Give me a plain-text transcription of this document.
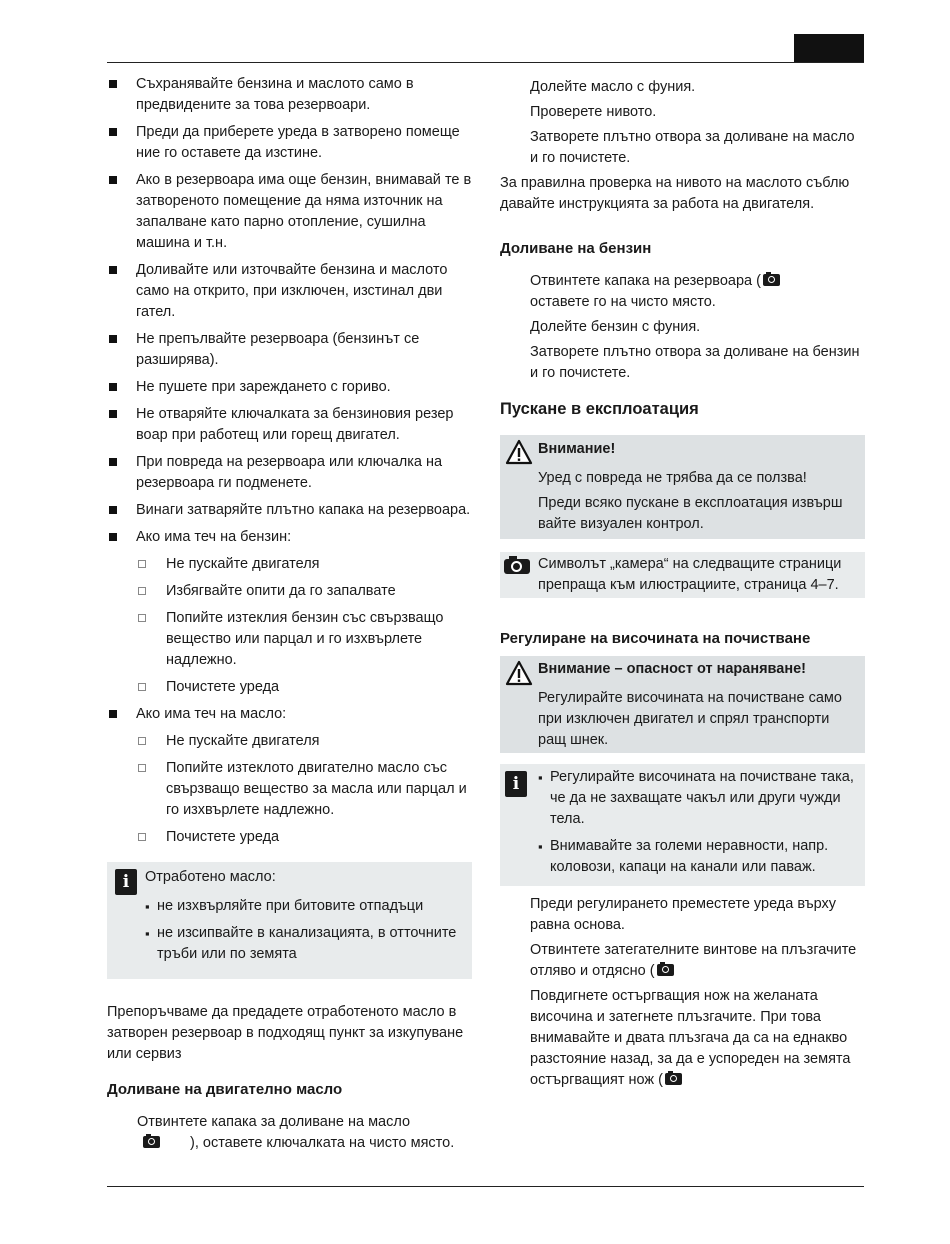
Съхранявайте бензина и маслото само в предвидените за това резервоари.
Преди да приберете уреда в затворено помеще ние го оставете да изстине.
Ако в резервоара има още бензин, внимавай те в затвореното помещение да няма източник на запалване като парно отопление, сушилна машина и т.н.
Доливайте или източвайте бензина и маслото само на открито, при изключен, изстинал дви гател.
Не препълвайте резервоара (бензинът се разширява).
Не пушете при зареждането с гориво.
Не отваряйте ключалката за бензиновия резер воар при работещ или горещ двигател.
При повреда на резервоара или ключалка на резервоара ги подменете.
Винаги затваряйте плътно капака на резервоара.
Ако има теч на бензин:
Не пускайте двигателя
Избягвайте опити да го запалвате
Попийте изтеклия бензин със свързващо вещество или парцал и го изхвърлете надлежно.
Почистете уреда
Ако има теч на масло:
Не пускайте двигателя
Попийте изтеклото двигателно масло със свързващо вещество за масла или парцал и го изхвърлете надлежно.
Почистете уреда
i	Отработено масло:
▪ не изхвърляйте при битовите отпадъци
▪ не изсипвайте в канализацията, в отточните тръби или по земята

Препоръчваме да предадете отработеното масло в затворен резервоар в подходящ пункт за изкупуване или сервиз

Доливане на двигателно масло
Отвинтете капака за доливане на масло
), оставете ключалката на чисто място.
Долейте масло с фуния.
Проверете нивото.
Затворете плътно отвора за доливане на масло и го почистете.

За правилна проверка на нивото на маслото съблю давайте инструкцията за работа на двигателя.

Доливане на бензин
Отвинтете капака на резервоара (
оставете го на чисто място.
Долейте бензин с фуния.
Затворете плътно отвора за доливане на бензин и го почистете.
Пускане в експлоатация
Внимание!
Уред с повреда не трябва да се ползва!
Преди всяко пускане в експлоатация извърш вайте визуален контрол.
Символът „камера“ на следващите страници препраща към илюстрациите, страница 4–7.
Регулиране на височината на почистване
Внимание – опасност от нараняване!
Регулирайте височината на почистване само при изключен двигател и спрял транспорти ращ шнек.
i
▪	Регулирайте височината на почистване така, че да не захващате чакъл или други чужди тела.
▪ Внимавайте за големи неравности, напр. коловози, капаци на канали или паваж.
Преди регулирането преместете уреда върху равна основа.
Отвинтете затегателните винтове на плъзгачите отляво и отдясно (
Повдигнете остъргващия нож на желаната височина и затегнете плъзгачите. При това внимавайте и двата плъзгача да са на еднакво разстояние назад, за да е успореден на земята остъргващият нож (
